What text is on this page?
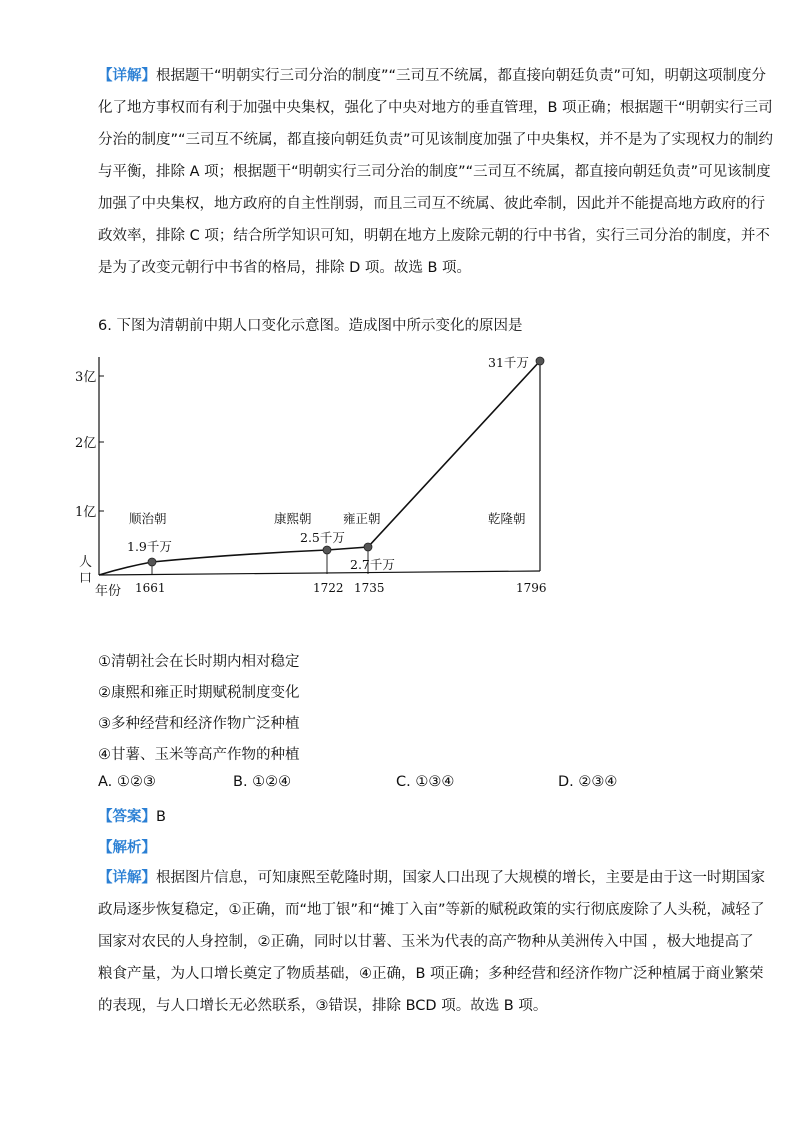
【详解】根据题干“明朝实行三司分治的制度”“三司互不统属，都直接向朝廷负责”可知，明朝这项制度分
化了地方事权而有利于加强中央集权，强化了中央对地方的垂直管理，B 项正确；根据题干“明朝实行三司
分治的制度”“三司互不统属，都直接向朝廷负责”可见该制度加强了中央集权，并不是为了实现权力的制约
与平衡，排除 A 项；根据题干“明朝实行三司分治的制度”“三司互不统属，都直接向朝廷负责”可见该制度
加强了中央集权，地方政府的自主性削弱，而且三司互不统属、彼此牵制，因此并不能提高地方政府的行
政效率，排除 C 项；结合所学知识可知，明朝在地方上废除元朝的行中书省，实行三司分治的制度，并不
是为了改变元朝行中书省的格局，排除 D 项。故选 B 项。
6. 下图为清朝前中期人口变化示意图。造成图中所示变化的原因是
1亿
2亿
3亿
1661	1722 1735	1796
1.9千万
2.5千万
2.7千万
31千万
顺治朝	康熙朝	雍正朝	乾隆朝
人
口
年份
①清朝社会在长时期内相对稳定
②康熙和雍正时期赋税制度变化
③多种经营和经济作物广泛种植
④甘薯、玉米等高产作物的种植
A. ①②③	B. ①②④	C. ①③④	D. ②③④
【答案】B
【解析】
【详解】根据图片信息，可知康熙至乾隆时期，国家人口出现了大规模的增长，主要是由于这一时期国家
政局逐步恢复稳定，①正确，而“地丁银”和“摊丁入亩”等新的赋税政策的实行彻底废除了人头税，减轻了
国家对农民的人身控制，②正确，同时以甘薯、玉米为代表的高产物种从美洲传入中国 ，极大地提高了
粮食产量，为人口增长奠定了物质基础，④正确，B 项正确；多种经营和经济作物广泛种植属于商业繁荣
的表现，与人口增长无必然联系，③错误，排除 BCD 项。故选 B 项。
